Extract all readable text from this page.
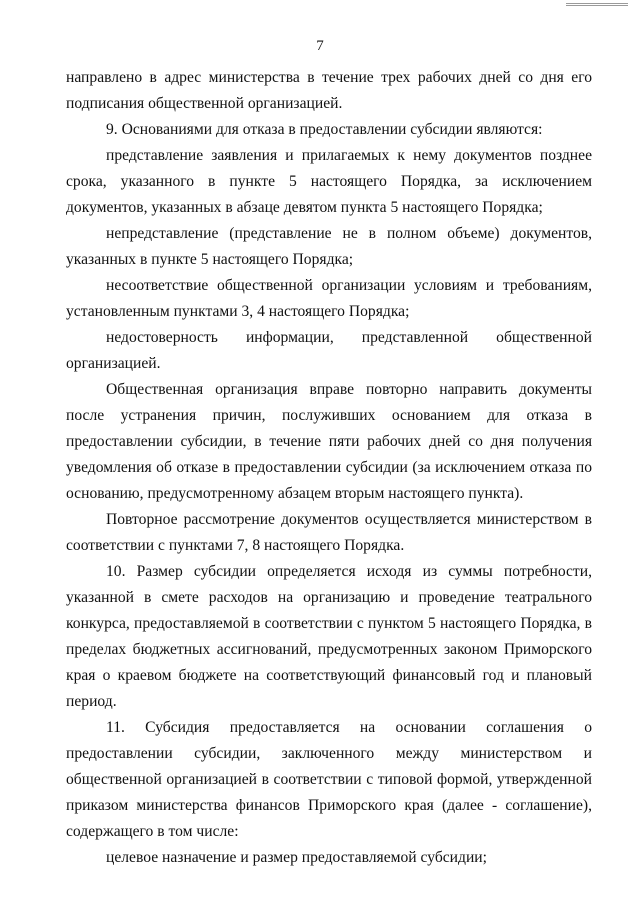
7

направлено в адрес министерства в течение трех рабочих дней со дня его подписания общественной организацией.

9. Основаниями для отказа в предоставлении субсидии являются:

представление заявления и прилагаемых к нему документов позднее срока, указанного в пункте 5 настоящего Порядка, за исключением документов, указанных в абзаце девятом пункта 5 настоящего Порядка;

непредставление (представление не в полном объеме) документов, указанных в пункте 5 настоящего Порядка;

несоответствие общественной организации условиям и требованиям, установленным пунктами 3, 4 настоящего Порядка;

недостоверность информации, представленной общественной организацией.

Общественная организация вправе повторно направить документы после устранения причин, послуживших основанием для отказа в предоставлении субсидии, в течение пяти рабочих дней со дня получения уведомления об отказе в предоставлении субсидии (за исключением отказа по основанию, предусмотренному абзацем вторым настоящего пункта).

Повторное рассмотрение документов осуществляется министерством в соответствии с пунктами 7, 8 настоящего Порядка.

10. Размер субсидии определяется исходя из суммы потребности, указанной в смете расходов на организацию и проведение театрального конкурса, предоставляемой в соответствии с пунктом 5 настоящего Порядка, в пределах бюджетных ассигнований, предусмотренных законом Приморского края о краевом бюджете на соответствующий финансовый год и плановый период.

11. Субсидия предоставляется на основании соглашения о предоставлении субсидии, заключенного между министерством и общественной организацией в соответствии с типовой формой, утвержденной приказом министерства финансов Приморского края (далее - соглашение), содержащего в том числе:

целевое назначение и размер предоставляемой субсидии;
